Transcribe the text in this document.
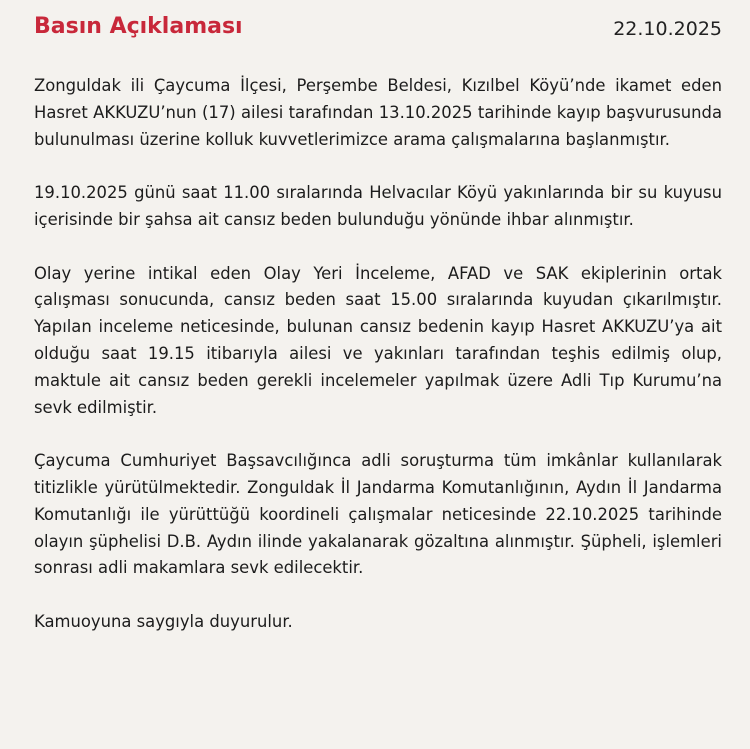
Basın Açıklaması	22.10.2025

Zonguldak ili Çaycuma İlçesi, Perşembe Beldesi, Kızılbel Köyü’nde ikamet eden Hasret AKKUZU’nun (17) ailesi tarafından 13.10.2025 tarihinde kayıp başvurusunda bulunulması üzerine kolluk kuvvetlerimizce arama çalışmalarına başlanmıştır.

19.10.2025 günü saat 11.00 sıralarında Helvacılar Köyü yakınlarında bir su kuyusu içerisinde bir şahsa ait cansız beden bulunduğu yönünde ihbar alınmıştır.

Olay yerine intikal eden Olay Yeri İnceleme, AFAD ve SAK ekiplerinin ortak çalışması sonucunda, cansız beden saat 15.00 sıralarında kuyudan çıkarılmıştır. Yapılan inceleme neticesinde, bulunan cansız bedenin kayıp Hasret AKKUZU’ya ait olduğu saat 19.15 itibarıyla ailesi ve yakınları tarafından teşhis edilmiş olup, maktule ait cansız beden gerekli incelemeler yapılmak üzere Adli Tıp Kurumu’na sevk edilmiştir.

Çaycuma Cumhuriyet Başsavcılığınca adli soruşturma tüm imkânlar kullanılarak titizlikle yürütülmektedir. Zonguldak İl Jandarma Komutanlığının, Aydın İl Jandarma Komutanlığı ile yürüttüğü koordineli çalışmalar neticesinde 22.10.2025 tarihinde olayın şüphelisi D.B. Aydın ilinde yakalanarak gözaltına alınmıştır. Şüpheli, işlemleri sonrası adli makamlara sevk edilecektir.

Kamuoyuna saygıyla duyurulur.
